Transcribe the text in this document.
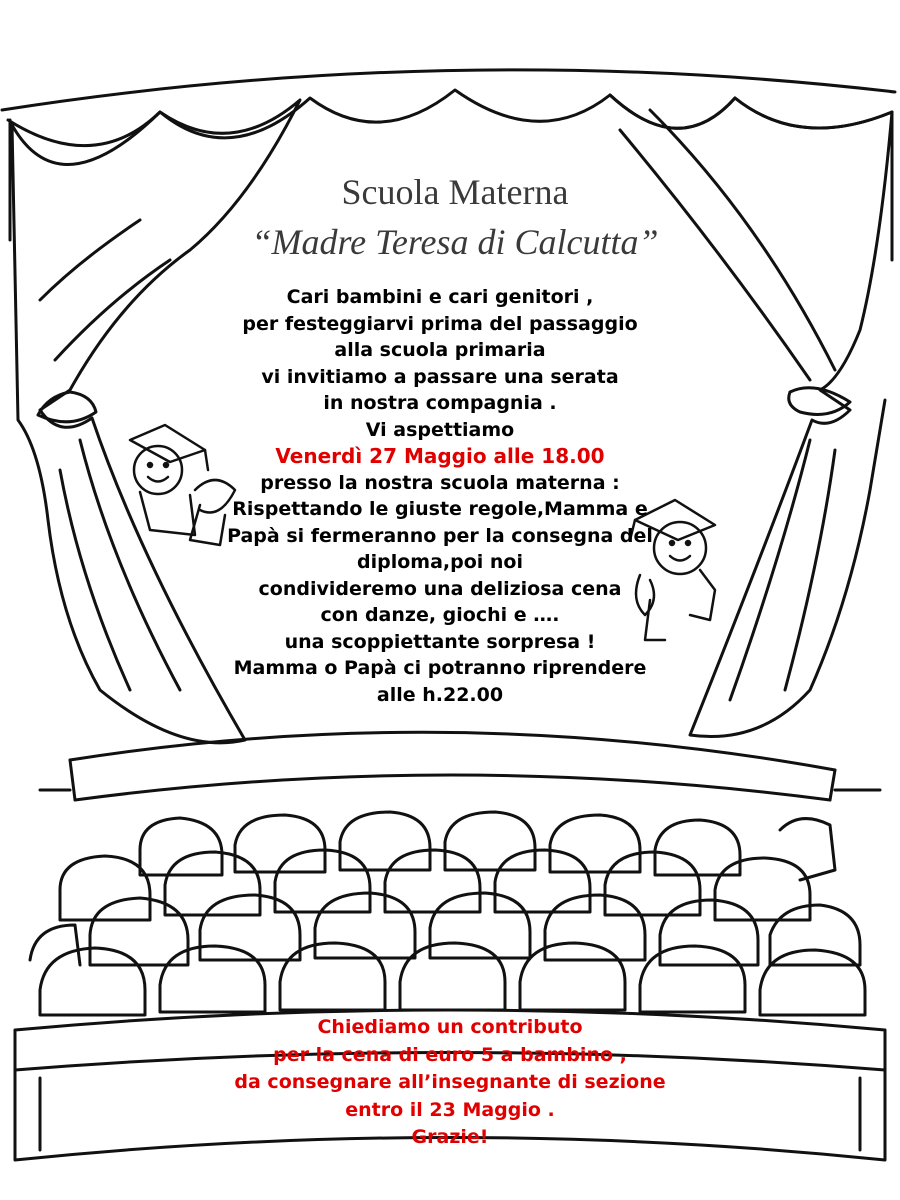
Scuola Materna
“Madre Teresa di Calcutta”
Cari bambini e cari genitori ,
per festeggiarvi prima del passaggio
alla scuola primaria
vi invitiamo a passare una serata
in nostra compagnia .
Vi aspettiamo
Venerdì 27 Maggio alle 18.00
presso la nostra scuola materna :
Rispettando le giuste regole,Mamma e
Papà si fermeranno per la consegna del
diploma,poi noi
condivideremo una deliziosa cena
con danze, giochi e ….
una scoppiettante sorpresa !
Mamma o Papà ci potranno riprendere
alle h.22.00
Chiediamo un contributo
per la cena di euro 5 a bambino ,
da consegnare all’insegnante di sezione
entro il 23 Maggio .
Grazie!
